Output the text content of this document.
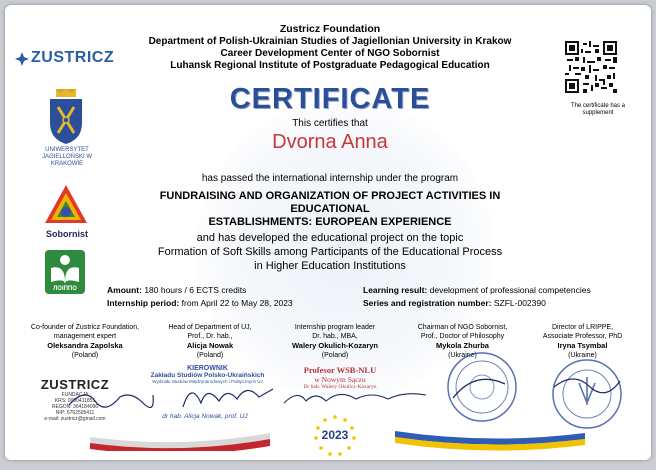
Zustricz Foundation
Department of Polish-Ukrainian Studies of Jagiellonian University in Krakow
Career Development Center of NGO Sobornist
Luhansk Regional Institute of Postgraduate Pedagogical Education
ZUSTRICZ
UNIWERSYTET JAGIELLOŃSKI W KRAKOWIE
Sobornist
ЛОІППО
The certificate has a supplement
CERTIFICATE
This certifies that
Dvorna Anna
has passed the international internship under the program
FUNDRAISING AND ORGANIZATION OF PROJECT ACTIVITIES IN EDUCATIONAL
ESTABLISHMENTS: EUROPEAN EXPERIENCE
and has developed the educational project on the topic
Formation of Soft Skills among Participants of the Educational Process
in Higher Education Institutions
Amount: 180 hours / 6 ECTS credits
Internship period: from April 22 to May 28, 2023
Learning result: development of professional competencies
Series and registration number: SZFL-002390
Co-founder of Zustricz Foundation,
management expert
Oleksandra Zapolska
(Poland)
Head of Department of UJ,
Prof., Dr. hab.,
Alicja Nowak
(Poland)
Internship program leader
Dr. hab., MBA,
Walery Okulich-Kozaryn
(Poland)
Chairman of NGO Sobornist,
Prof., Doctor of Philosophy
Mykola Zhurba
(Ukraine)
Director of LRIPPE,
Associate Professor, PhD
Iryna Tsymbal
(Ukraine)
ZUSTRICZ
FUNDACJA
KRS: 0000411851
REGON: 364184096
NIP: 6762505411
e-mail: zustricz@gmail.com
KIEROWNIK
Zakładu Studiów Polsko-Ukraińskich
Wydziału Studiów Międzynarodowych i Politycznych UJ
dr hab. Alicja Nowak, prof. UJ
Profesor WSB-NLU
w Nowym Sączu
Dr hab. Walery Okulicz-Kozaryn
2023
